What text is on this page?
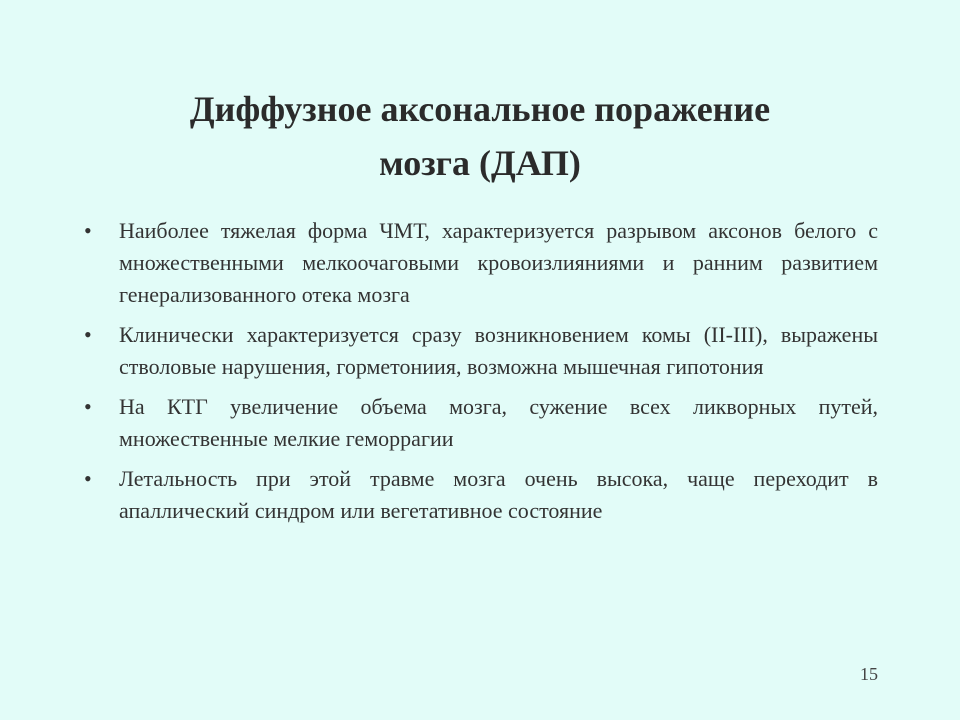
Диффузное аксональное поражение
мозга (ДАП)
•	Наиболее тяжелая форма ЧМТ, характеризуется разрывом аксонов белого с множественными мелкоочаговыми кровоизлияниями и ранним развитием генерализованного отека мозга
•	Клинически характеризуется сразу возникновением комы (II-III), выражены стволовые нарушения, горметониия, возможна мышечная гипотония
•	На КТГ увеличение объема мозга, сужение всех ликворных путей, множественные мелкие геморрагии
•	Летальность при этой травме мозга очень высока, чаще переходит в апаллический синдром или вегетативное состояние
15
